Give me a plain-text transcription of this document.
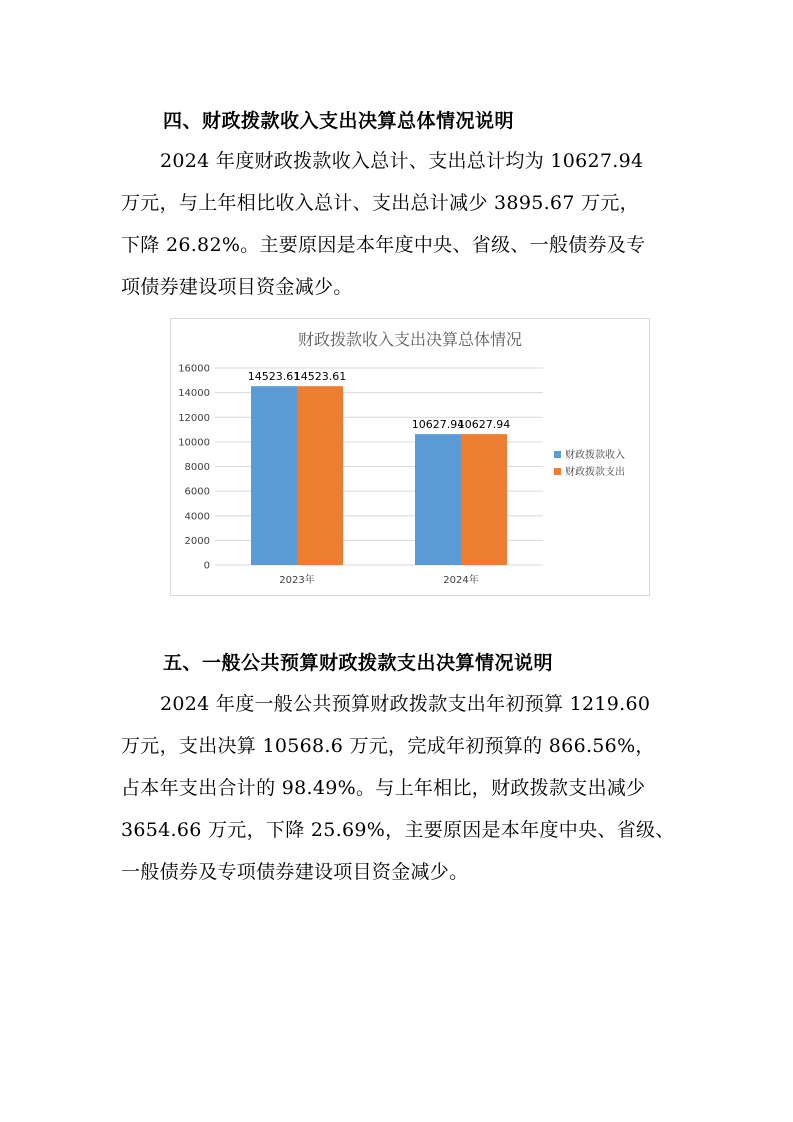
四、财政拨款收入支出决算总体情况说明
2024 年度财政拨款收入总计、支出总计均为 10627.94
万元，与上年相比收入总计、支出总计减少 3895.67 万元，
下降 26.82%。主要原因是本年度中央、省级、一般债券及专
项债券建设项目资金减少。
财政拨款收入支出决算总体情况
0
2000
4000
6000
8000
10000
12000
14000
16000
14523.61
14523.61
2023年
10627.94
10627.94
2024年
财政拨款收入
财政拨款支出
五、一般公共预算财政拨款支出决算情况说明
2024 年度一般公共预算财政拨款支出年初预算 1219.60
万元，支出决算 10568.6 万元，完成年初预算的 866.56%，
占本年支出合计的 98.49%。与上年相比，财政拨款支出减少
3654.66 万元，下降 25.69%，主要原因是本年度中央、省级、
一般债券及专项债券建设项目资金减少。
